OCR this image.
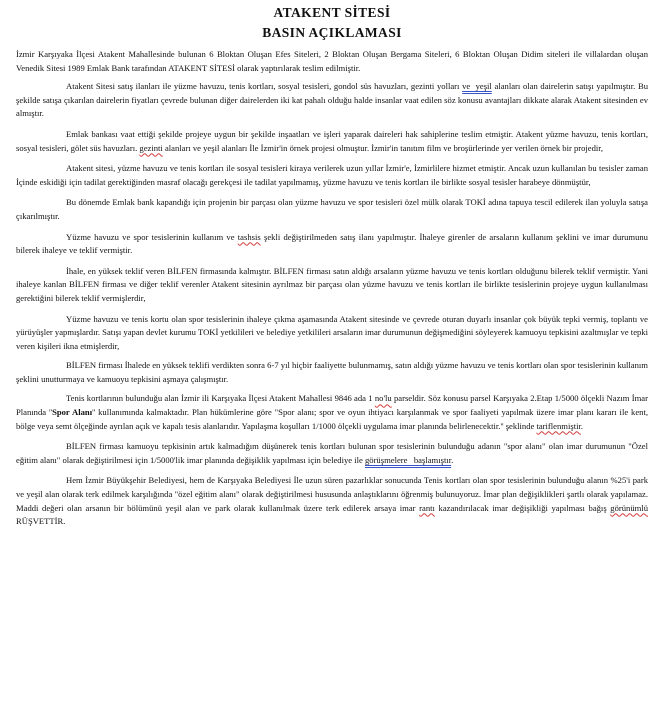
ATAKENT SİTESİ
BASIN AÇIKLAMASI

İzmir Karşıyaka İlçesi Atakent Mahallesinde bulunan 6 Bloktan Oluşan Efes Siteleri, 2 Bloktan Oluşan Bergama Siteleri, 6 Bloktan Oluşan Didim siteleri ile villalardan oluşan Venedik Sitesi 1989 Emlak Bank tarafından ATAKENT SİTESİ olarak yaptırılarak teslim edilmiştir.

Atakent Sitesi satış ilanları ile yüzme havuzu, tenis kortları, sosyal tesisleri, gondol süs havuzları, gezinti yolları ve  yeşil alanları olan dairelerin satışı yapılmıştır. Bu şekilde satışa çıkarılan dairelerin fiyatları çevrede bulunan diğer dairelerden iki kat pahalı olduğu halde insanlar vaat edilen söz konusu avantajları dikkate alarak Atakent sitesinden ev almıştır.

Emlak bankası vaat ettiği şekilde projeye uygun bir şekilde inşaatları ve işleri yaparak daireleri hak sahiplerine teslim etmiştir. Atakent yüzme havuzu, tenis kortları, sosyal tesisleri, gölet süs havuzları. gezinti alanları ve yeşil alanları İle İzmir'in örnek projesi olmuştur. İzmir'in tanıtım film ve broşürlerinde yer verilen örnek bir projedir,

Atakent sitesi, yüzme havuzu ve tenis kortları ile sosyal tesisleri kiraya verilerek uzun yıllar İzmir'e, İzmirlilere hizmet etmiştir. Ancak uzun kullanılan bu tesisler zaman İçinde eskidiği için tadilat gerektiğinden masraf olacağı gerekçesi ile tadilat yapılmamış, yüzme havuzu ve tenis kortları ile birlikte sosyal tesisler harabeye dönmüştür,

Bu dönemde Emlak bank kapandığı için projenin bir parçası olan yüzme havuzu ve spor tesisleri özel mülk olarak TOKİ adına tapuya tescil edilerek ilan yoluyla satışa çıkarılmıştır.

Yüzme havuzu ve spor tesislerinin kullanım ve tashsis şekli değiştirilmeden satış ilanı yapılmıştır. İhaleye girenler de arsaların kullanım şeklini ve imar durumunu bilerek ihaleye ve teklif vermiştir.

İhale, en yüksek teklif veren BİLFEN firmasında kalmıştır. BİLFEN firması satın aldığı arsaların yüzme havuzu ve tenis kortları olduğunu bilerek teklif vermiştir. Yani ihaleye kanlan BİLFEN firması ve diğer teklif verenler Atakent sitesinin ayrılmaz bir parçası olan yüzme havuzu ve tenis kortları ile birlikte tesislerinin projeye uygun kullanılması gerektiğini bilerek teklif vermişlerdir,

Yüzme havuzu ve tenis kortu olan spor tesislerinin ihaleye çıkma aşamasında Atakent sitesinde ve çevrede oturan duyarlı insanlar çok büyük tepki vermiş, toplantı ve yürüyüşler yapmışlardır. Satışı yapan devlet kurumu TOKİ yetkilileri ve belediye yetkilileri arsaların imar durumunun değişmediğini söyleyerek kamuoyu tepkisini azaltmışlar ve tepki veren kişileri ikna etmişlerdir,

BİLFEN firması İhalede en yüksek teklifi verdikten sonra 6-7 yıl hiçbir faaliyette bulunmamış, satın aldığı yüzme havuzu ve tenis kortları olan spor tesislerinin kullanım şeklini unutturmaya ve kamuoyu tepkisini aşmaya çalışmıştır.

Tenis kortlarının bulunduğu alan İzmir ili Karşıyaka İlçesi Atakent Mahallesi 9846 ada 1 no'lu parseldir. Söz konusu parsel Karşıyaka 2.Etap 1/5000 ölçekli Nazım İmar Planında ''Spor Alanı'' kullanımında kalmaktadır. Plan hükümlerine göre "Spor alanı; spor ve oyun ihtiyacı karşılanmak ve spor faaliyeti yapılmak üzere imar planı kararı ile kent, bölge veya semt ölçeğinde ayrılan açık ve kapalı tesis alanlarıdır. Yapılaşma koşulları 1/1000 ölçekli uygulama imar planında belirlenecektir.'' şeklinde tariflenmiştir.

BİLFEN firması kamuoyu tepkisinin artık kalmadığım düşünerek tenis kortları bulunan spor tesislerinin bulunduğu adanın "spor alanı" olan imar durumunun "Özel eğitim alanı" olarak değiştirilmesi için 1/5000'lik imar planında değişiklik yapılması için belediye ile görüşmelere   başlamıştır.

Hem İzmir Büyükşehir Belediyesi, hem de Karşıyaka Belediyesi İle uzun süren pazarlıklar sonucunda Tenis kortları olan spor tesislerinin bulunduğu alanın %25'i park ve yeşil alan olarak terk edilmek karşılığında "özel eğitim alanı" olarak değiştirilmesi hususunda anlaştıklarını öğrenmiş bulunuyoruz. İmar plan değişiklikleri şartlı olarak yapılamaz. Maddi değeri olan arsanın bir bölümünü yeşil alan ve park olarak kullanılmak üzere terk edilerek arsaya imar rantı kazandırılacak imar değişikliği yapılması bağış görünümlü RÜŞVETTİR.
